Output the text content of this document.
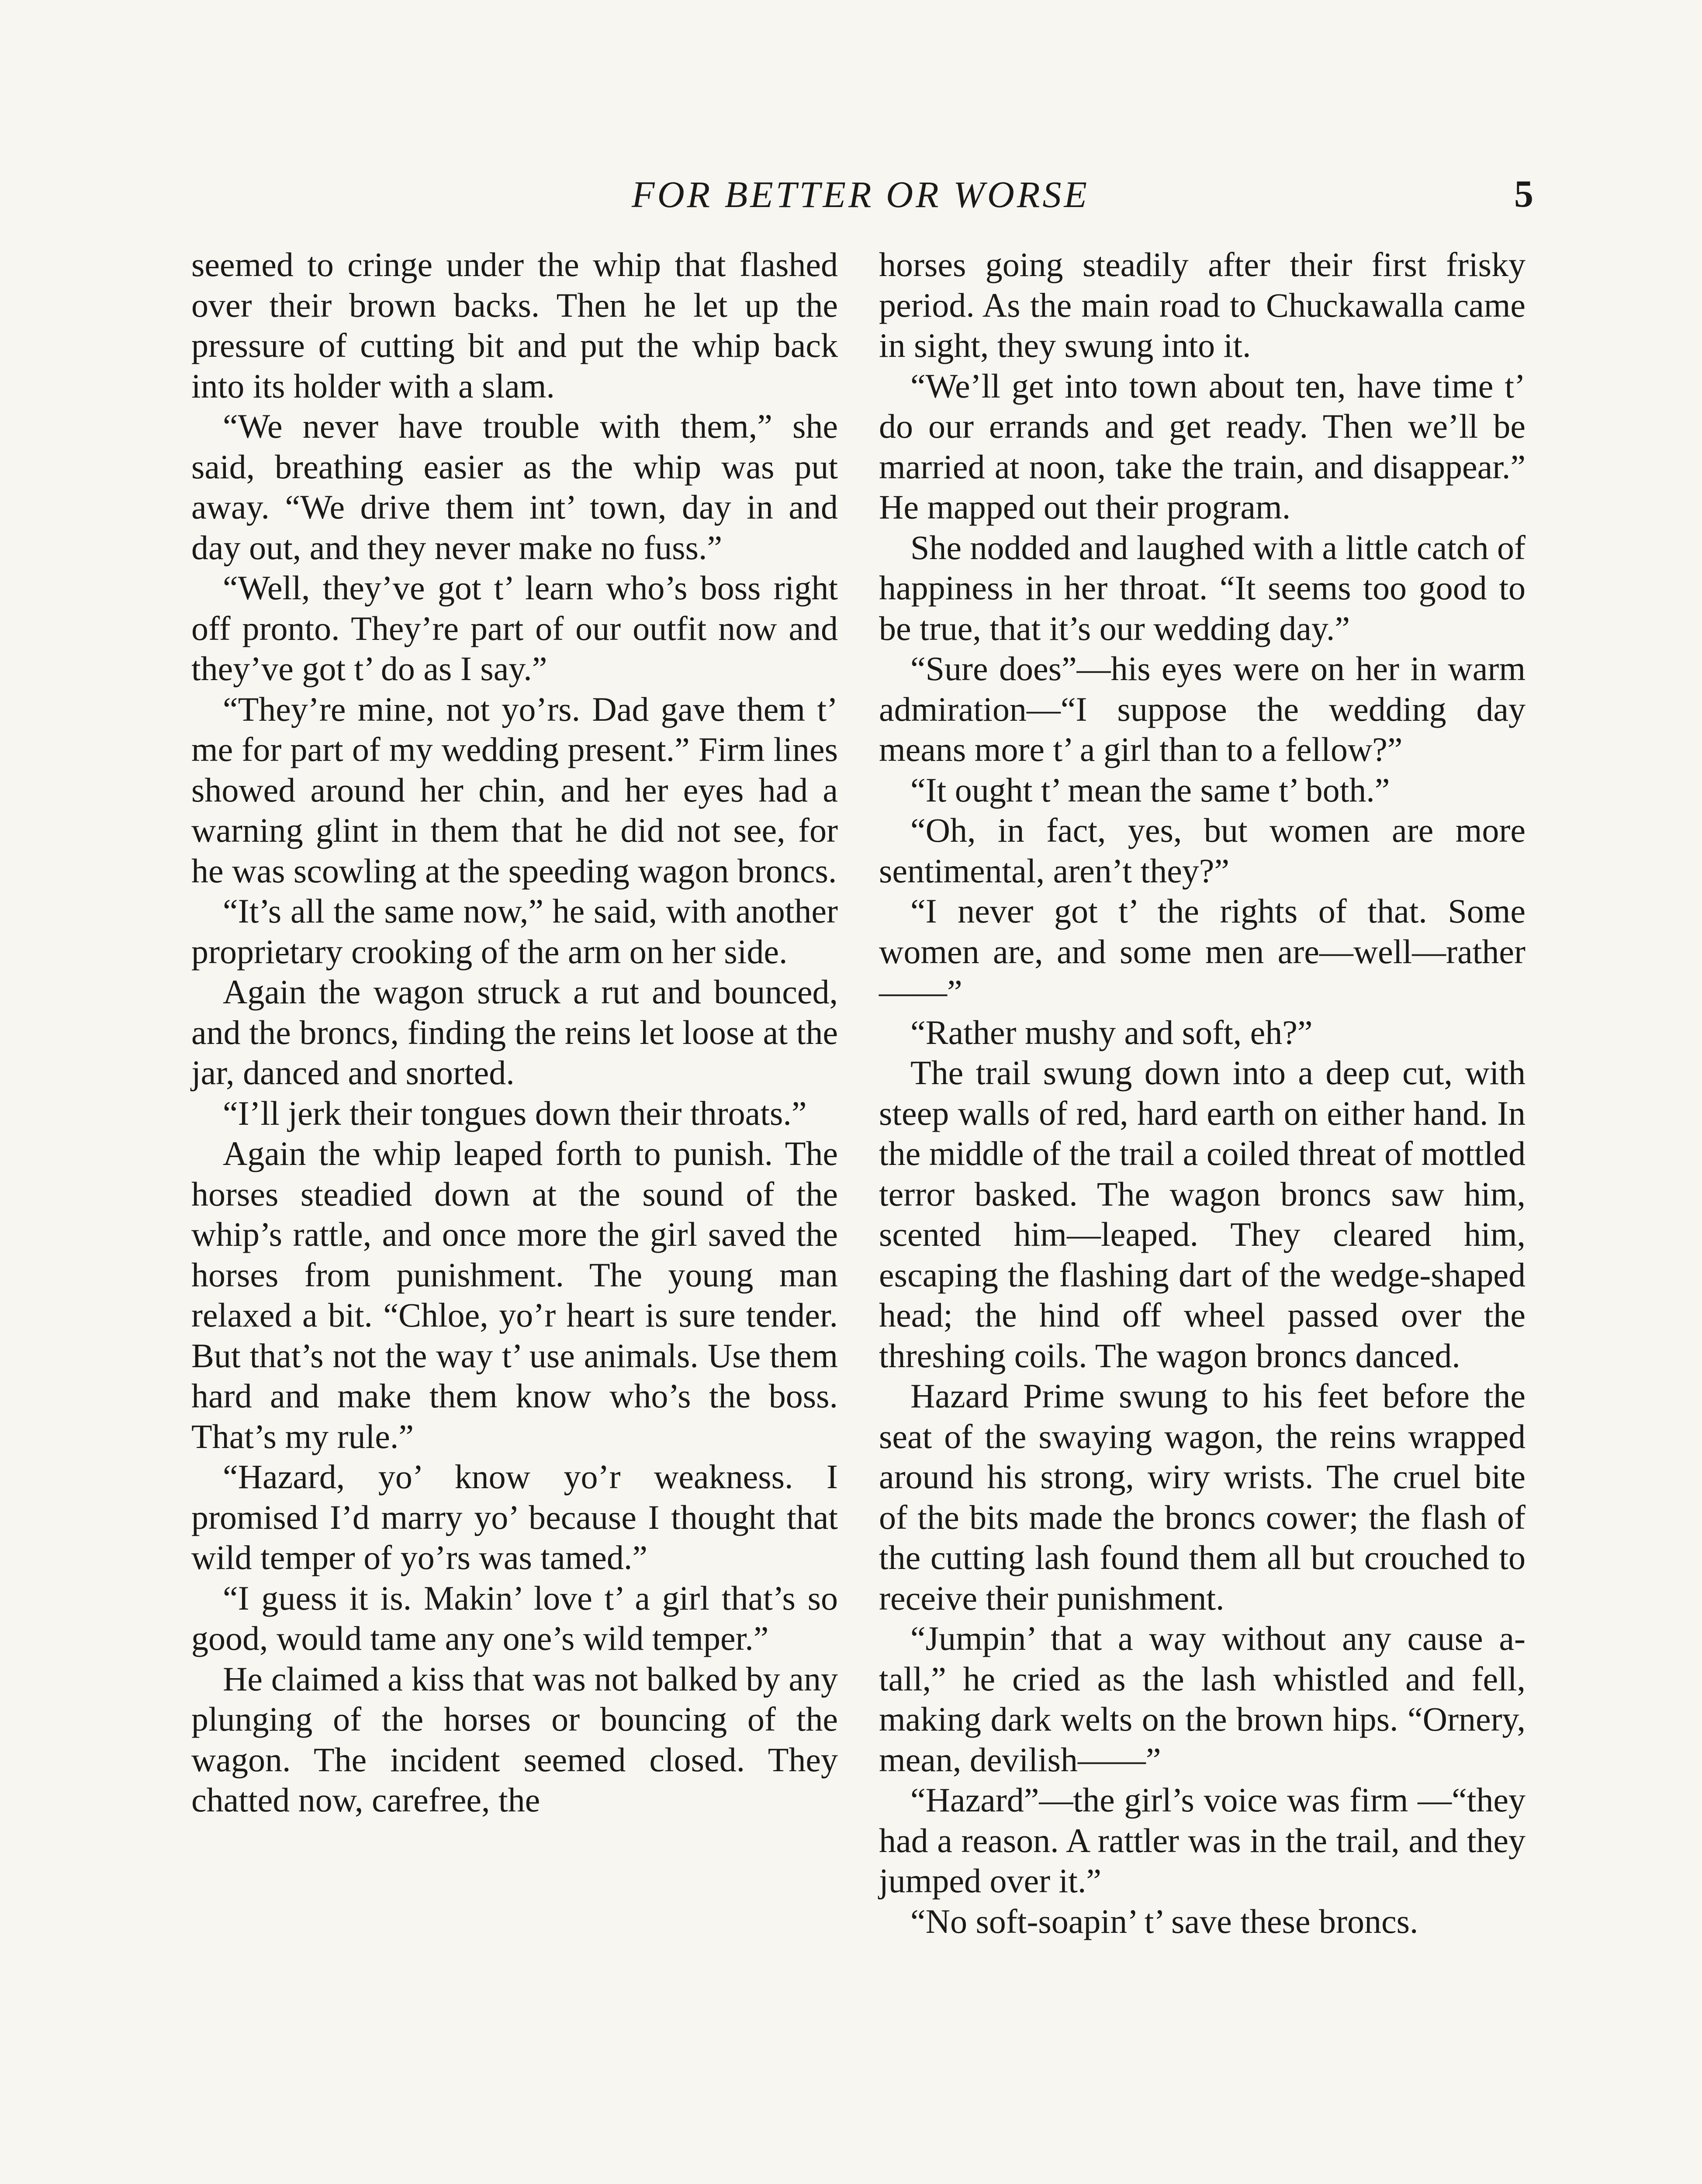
FOR BETTER OR WORSE	5

seemed to cringe under the whip that flashed over their brown backs. Then he let up the pressure of cutting bit and put the whip back into its holder with a slam.

“We never have trouble with them,” she said, breathing easier as the whip was put away. “We drive them int’ town, day in and day out, and they never make no fuss.”

“Well, they’ve got t’ learn who’s boss right off pronto. They’re part of our outfit now and they’ve got t’ do as I say.”

“They’re mine, not yo’rs. Dad gave them t’ me for part of my wedding present.” Firm lines showed around her chin, and her eyes had a warning glint in them that he did not see, for he was scowling at the speeding wagon broncs.

“It’s all the same now,” he said, with another proprietary crooking of the arm on her side.

Again the wagon struck a rut and bounced, and the broncs, finding the reins let loose at the jar, danced and snorted.

“I’ll jerk their tongues down their throats.”

Again the whip leaped forth to punish. The horses steadied down at the sound of the whip’s rattle, and once more the girl saved the horses from punishment. The young man relaxed a bit. “Chloe, yo’r heart is sure tender. But that’s not the way t’ use animals. Use them hard and make them know who’s the boss. That’s my rule.”

“Hazard, yo’ know yo’r weakness. I promised I’d marry yo’ because I thought that wild temper of yo’rs was tamed.”

“I guess it is. Makin’ love t’ a girl that’s so good, would tame any one’s wild temper.”

He claimed a kiss that was not balked by any plunging of the horses or bouncing of the wagon. The incident seemed closed. They chatted now, carefree, the

horses going steadily after their first frisky period. As the main road to Chuckawalla came in sight, they swung into it.

“We’ll get into town about ten, have time t’ do our errands and get ready. Then we’ll be married at noon, take the train, and disappear.” He mapped out their program.

She nodded and laughed with a little catch of happiness in her throat. “It seems too good to be true, that it’s our wedding day.”

“Sure does”—his eyes were on her in warm admiration—“I suppose the wedding day means more t’ a girl than to a fellow?”

“It ought t’ mean the same t’ both.”

“Oh, in fact, yes, but women are more sentimental, aren’t they?”

“I never got t’ the rights of that. Some women are, and some men are—well—rather——”

“Rather mushy and soft, eh?”

The trail swung down into a deep cut, with steep walls of red, hard earth on either hand. In the middle of the trail a coiled threat of mottled terror basked. The wagon broncs saw him, scented him—leaped. They cleared him, escaping the flashing dart of the wedge-shaped head; the hind off wheel passed over the threshing coils. The wagon broncs danced.

Hazard Prime swung to his feet before the seat of the swaying wagon, the reins wrapped around his strong, wiry wrists. The cruel bite of the bits made the broncs cower; the flash of the cutting lash found them all but crouched to receive their punishment.

“Jumpin’ that a way without any cause a-tall,” he cried as the lash whistled and fell, making dark welts on the brown hips. “Ornery, mean, devilish——”

“Hazard”—the girl’s voice was firm —“they had a reason. A rattler was in the trail, and they jumped over it.”

“No soft-soapin’ t’ save these broncs.
